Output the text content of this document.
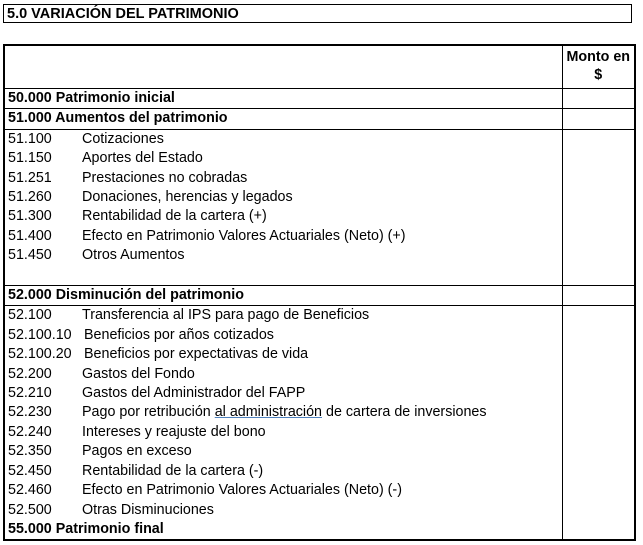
5.0 VARIACIÓN DEL PATRIMONIO
	Monto en $
50.000 Patrimonio inicial	
51.000 Aumentos del patrimonio	
51.100 Cotizaciones	
51.150 Aportes del Estado	
51.251 Prestaciones no cobradas	
51.260 Donaciones, herencias y legados	
51.300 Rentabilidad de la cartera (+)	
51.400 Efecto en Patrimonio Valores Actuariales (Neto) (+)	
51.450 Otros Aumentos	

52.000 Disminución del patrimonio	
52.100 Transferencia al IPS para pago de Beneficios	
52.100.10 Beneficios por años cotizados	
52.100.20 Beneficios por expectativas de vida	
52.200 Gastos del Fondo	
52.210 Gastos del Administrador del FAPP	
52.230 Pago por retribución al administración de cartera de inversiones	
52.240 Intereses y reajuste del bono	
52.350 Pagos en exceso	
52.450 Rentabilidad de la cartera (-)	
52.460 Efecto en Patrimonio Valores Actuariales (Neto) (-)	
52.500 Otras Disminuciones	
55.000 Patrimonio final	
